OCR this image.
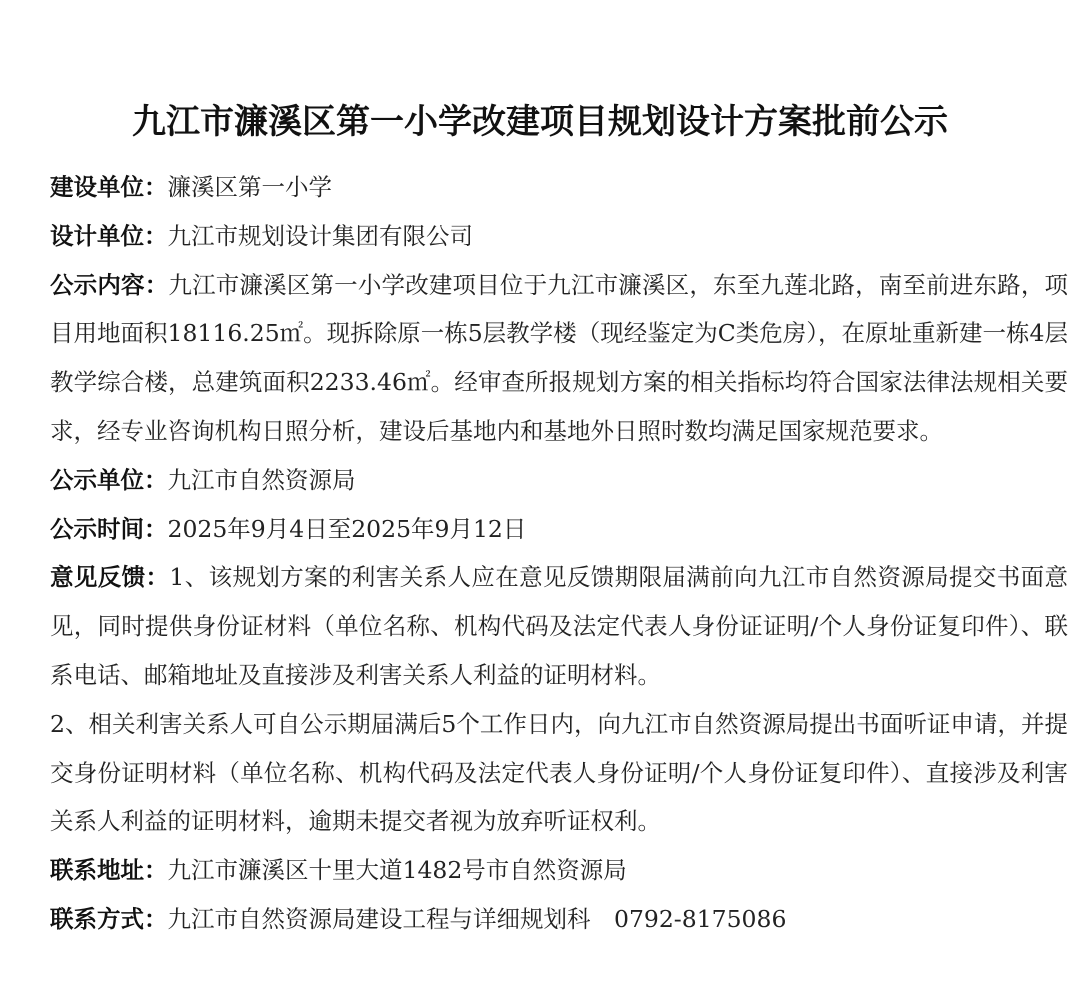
九江市濂溪区第一小学改建项目规划设计方案批前公示

建设单位：濂溪区第一小学

设计单位：九江市规划设计集团有限公司

公示内容：九江市濂溪区第一小学改建项目位于九江市濂溪区，东至九莲北路，南至前进东路，项目用地面积18116.25㎡。现拆除原一栋5层教学楼（现经鉴定为C类危房），在原址重新建一栋4层教学综合楼，总建筑面积2233.46㎡。经审查所报规划方案的相关指标均符合国家法律法规相关要求，经专业咨询机构日照分析，建设后基地内和基地外日照时数均满足国家规范要求。

公示单位：九江市自然资源局

公示时间：2025年9月4日至2025年9月12日

意见反馈：1、该规划方案的利害关系人应在意见反馈期限届满前向九江市自然资源局提交书面意见，同时提供身份证材料（单位名称、机构代码及法定代表人身份证证明/个人身份证复印件）、联系电话、邮箱地址及直接涉及利害关系人利益的证明材料。

2、相关利害关系人可自公示期届满后5个工作日内，向九江市自然资源局提出书面听证申请，并提交身份证明材料（单位名称、机构代码及法定代表人身份证明/个人身份证复印件）、直接涉及利害关系人利益的证明材料，逾期未提交者视为放弃听证权利。

联系地址：九江市濂溪区十里大道1482号市自然资源局

联系方式：九江市自然资源局建设工程与详细规划科　0792-8175086
